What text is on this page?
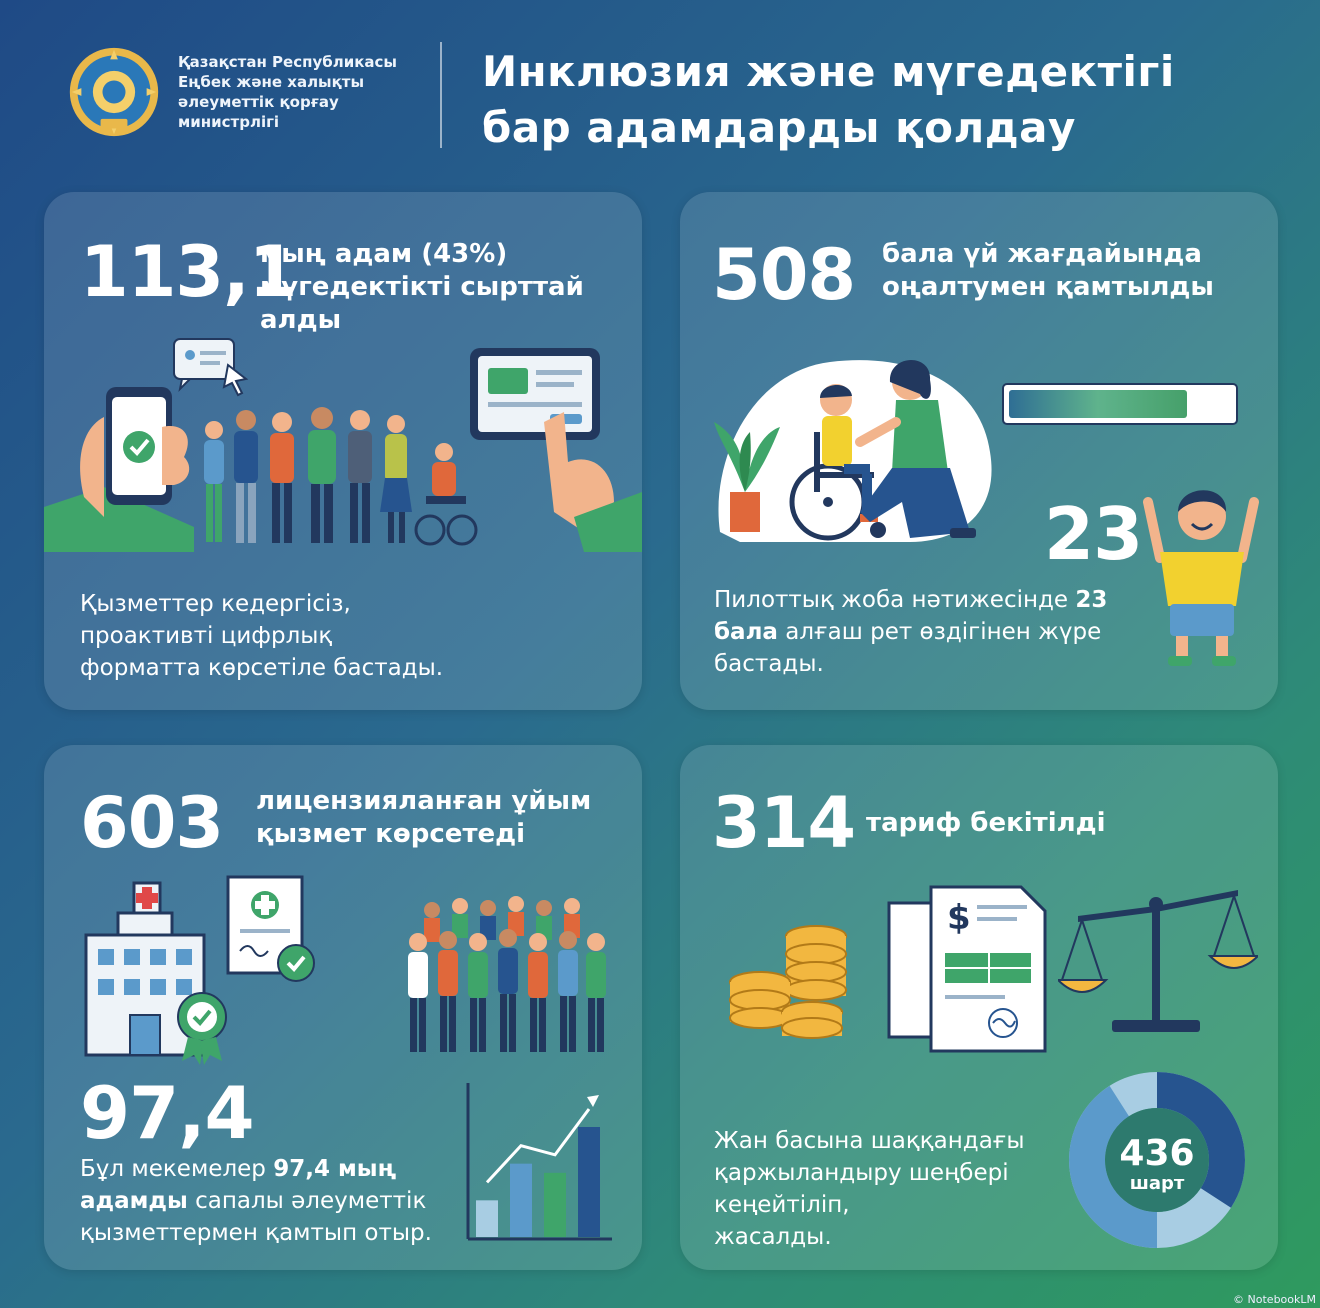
Қазақстан Республикасы
Еңбек және халықты
әлеуметтік қорғау
министрлігі
Инклюзия және мүгедектігі
бар адамдарды қолдау
113,1
мың адам (43%)
мүгедектікті сырттай
алды
Қызметтер кедергісіз,
проактивті цифрлық
форматта көрсетіле бастады.
508 бала үй жағдайында
оңалтумен қамтылды
23
Пилоттық жоба нәтижесінде 23
бала алғаш рет өздігінен жүре
бастады.
603 лицензияланған ұйым
қызмет көрсетеді
97,4
Бұл мекемелер 97,4 мың
адамды сапалы әлеуметтік
қызметтермен қамтып отыр.
314 тариф бекітілді
$
Жан басына шаққандағы
қаржыландыру шеңбері
кеңейтіліп,
жасалды.
436
шарт
© NotebookLM
